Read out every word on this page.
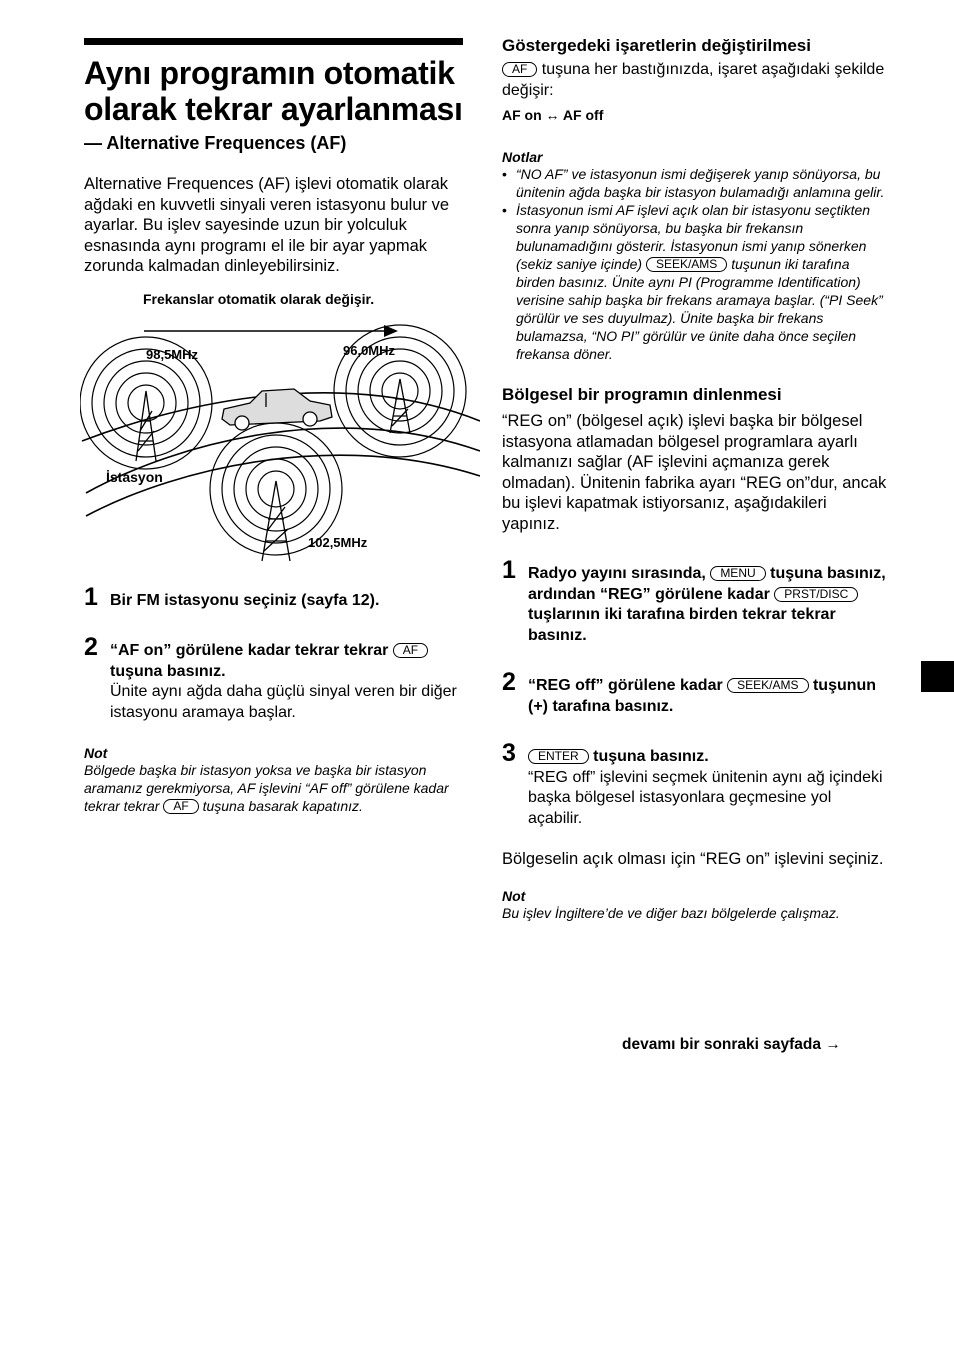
Aynı programın otomatik olarak tekrar ayarlanması
— Alternative Frequences (AF)

Alternative Frequences (AF) işlevi otomatik olarak ağdaki en kuvvetli sinyali veren istasyonu bulur ve ayarlar. Bu işlev sayesinde uzun bir yolculuk esnasında aynı programı el ile bir ayar yapmak zorunda kalmadan dinleyebilirsiniz.

Frekanslar otomatik olarak değişir.
98,5MHz	96,0MHz
102,5MHz
İstasyon
1 Bir FM istasyonu seçiniz (sayfa 12).
2 “AF on” görülene kadar tekrar tekrar AF tuşuna basınız.
Ünite aynı ağda daha güçlü sinyal veren bir diğer istasyonu aramaya başlar.
Not
Bölgede başka bir istasyon yoksa ve başka bir istasyon aramanız gerekmiyorsa, AF işlevini “AF off” görülene kadar tekrar tekrar AF tuşuna basarak kapatınız.
Göstergedeki işaretlerin değiştirilmesi

AF tuşuna her bastığınızda, işaret aşağıdaki şekilde değişir:

AF on ↔ AF off
Notlar
• “NO AF” ve istasyonun ismi değişerek yanıp sönüyorsa, bu ünitenin ağda başka bir istasyon bulamadığı anlamına gelir.
• İstasyonun ismi AF işlevi açık olan bir istasyonu seçtikten sonra yanıp sönüyorsa, bu başka bir frekansın bulunamadığını gösterir. İstasyonun ismi yanıp sönerken (sekiz saniye içinde) SEEK/AMS tuşunun iki tarafına birden basınız. Ünite aynı PI (Programme Identification) verisine sahip başka bir frekans aramaya başlar. (“PI Seek” görülür ve ses duyulmaz). Ünite başka bir frekans bulamazsa, “NO PI” görülür ve ünite daha önce seçilen frekansa döner.
Bölgesel bir programın dinlenmesi

“REG on” (bölgesel açık) işlevi başka bir bölgesel istasyona atlamadan bölgesel programlara ayarlı kalmanızı sağlar (AF işlevini açmanıza gerek olmadan). Ünitenin fabrika ayarı “REG on”dur, ancak bu işlevi kapatmak istiyorsanız, aşağıdakileri yapınız.

1 Radyo yayını sırasında, MENU tuşuna basınız, ardından “REG” görülene kadar PRST/DISC tuşlarının iki tarafına birden tekrar tekrar basınız.
2 “REG off” görülene kadar SEEK/AMS tuşunun (+) tarafına basınız.
3 ENTER tuşuna basınız.
“REG off” işlevini seçmek ünitenin aynı ağ içindeki başka bölgesel istasyonlara geçmesine yol açabilir.

Bölgeselin açık olması için “REG on” işlevini seçiniz.

Not
Bu işlev İngiltere’de ve diğer bazı bölgelerde çalışmaz.
devamı bir sonraki sayfada →
